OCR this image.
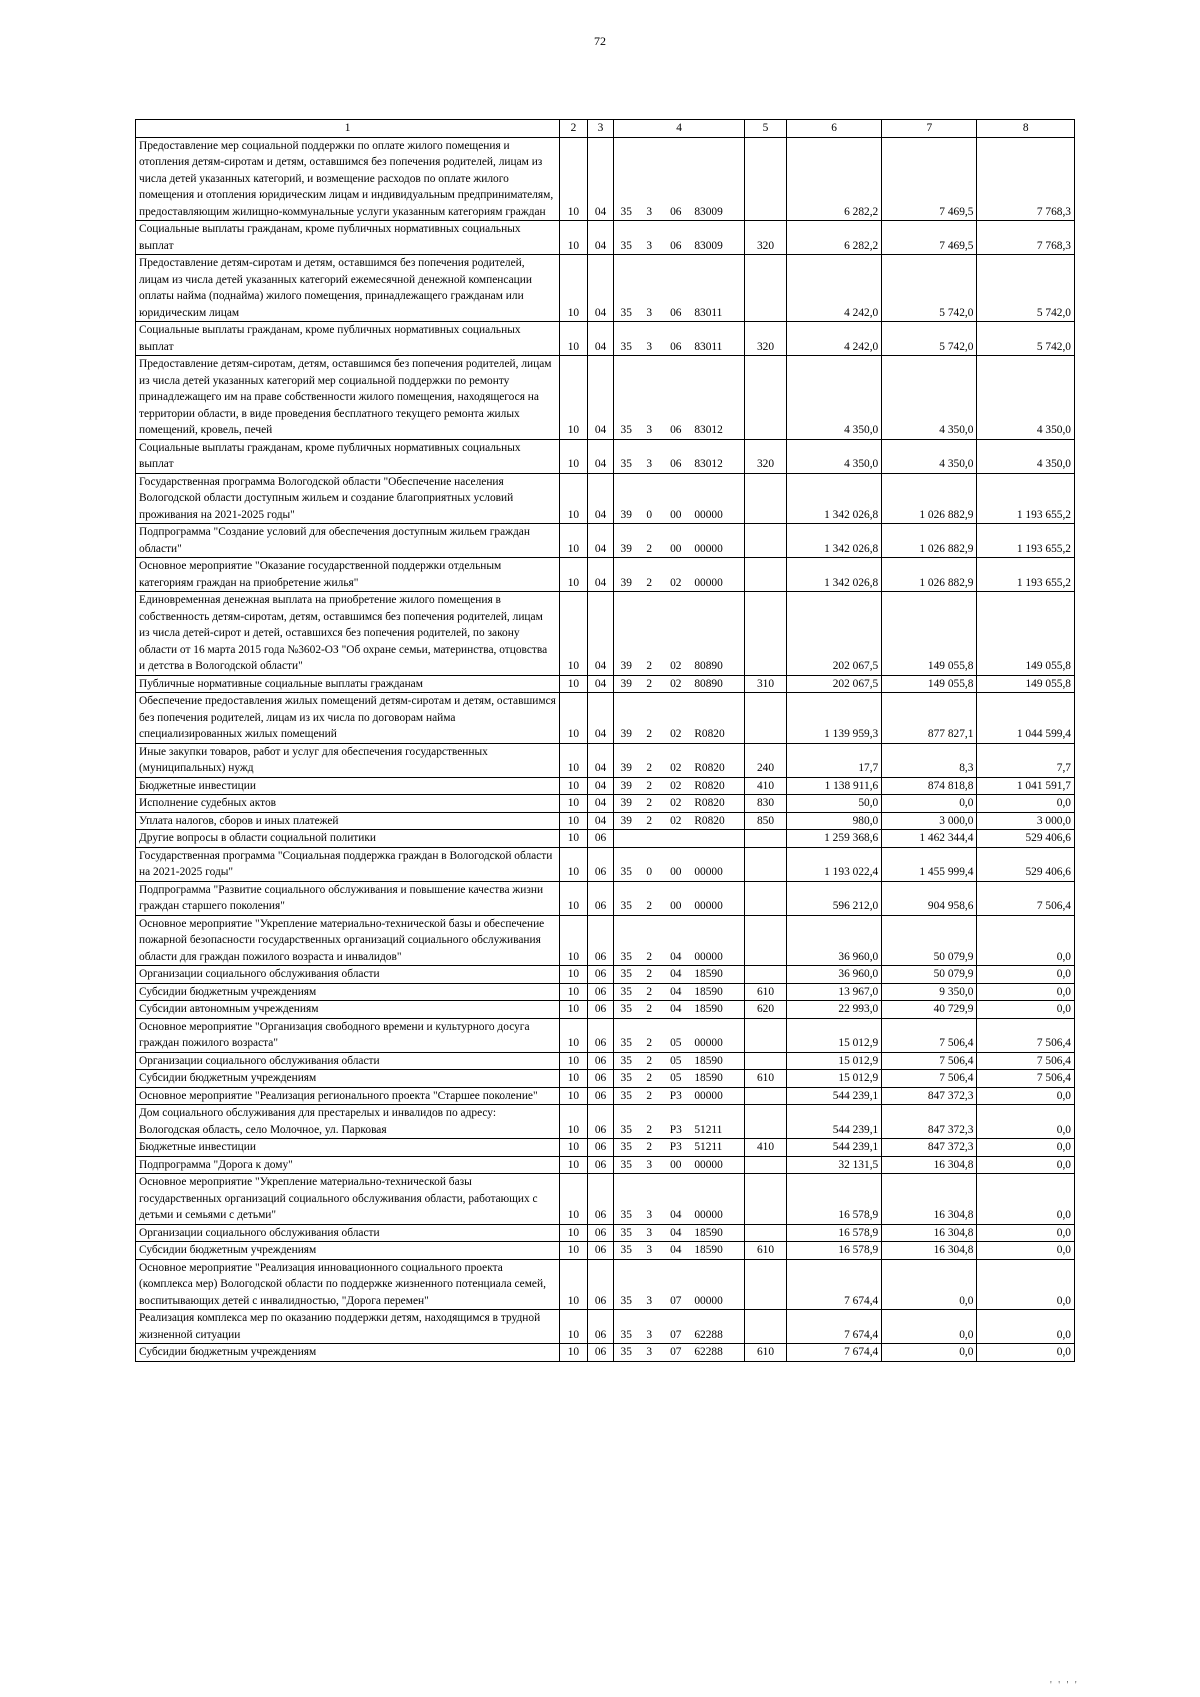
72
1	2	3	4				5	6	7	8
Предоставление мер социальной поддержки по оплате жилого помещения и отопления детям-сиротам и детям, оставшимся без попечения родителей, лицам из числа детей указанных категорий, и возмещение расходов по оплате жилого помещения и отопления юридическим лицам и индивидуальным предпринимателям, предоставляющим жилищно-коммунальные услуги указанным категориям граждан	10	04	35	3	06	83009		6 282,2	7 469,5	7 768,3
Социальные выплаты гражданам, кроме публичных нормативных социальных выплат	10	04	35	3	06	83009	320	6 282,2	7 469,5	7 768,3
Предоставление детям-сиротам и детям, оставшимся без попечения родителей, лицам из числа детей указанных категорий ежемесячной денежной компенсации оплаты найма (поднайма) жилого помещения, принадлежащего гражданам или юридическим лицам	10	04	35	3	06	83011		4 242,0	5 742,0	5 742,0
Социальные выплаты гражданам, кроме публичных нормативных социальных выплат	10	04	35	3	06	83011	320	4 242,0	5 742,0	5 742,0
Предоставление детям-сиротам, детям, оставшимся без попечения родителей, лицам из числа детей указанных категорий мер социальной поддержки по ремонту принадлежащего им на праве собственности жилого помещения, находящегося на территории области, в виде проведения бесплатного текущего ремонта жилых помещений, кровель, печей	10	04	35	3	06	83012		4 350,0	4 350,0	4 350,0
Социальные выплаты гражданам, кроме публичных нормативных социальных выплат	10	04	35	3	06	83012	320	4 350,0	4 350,0	4 350,0
Государственная программа Вологодской области "Обеспечение населения Вологодской области доступным жильем и создание благоприятных условий проживания на 2021-2025 годы"	10	04	39	0	00	00000		1 342 026,8	1 026 882,9	1 193 655,2
Подпрограмма "Создание условий для обеспечения доступным жильем граждан области"	10	04	39	2	00	00000		1 342 026,8	1 026 882,9	1 193 655,2
Основное мероприятие "Оказание государственной поддержки отдельным категориям граждан на приобретение жилья"	10	04	39	2	02	00000		1 342 026,8	1 026 882,9	1 193 655,2
Единовременная денежная выплата на приобретение жилого помещения в собственность детям-сиротам, детям, оставшимся без попечения родителей, лицам из числа детей-сирот и детей, оставшихся без попечения родителей, по закону области от 16 марта 2015 года №3602-ОЗ "Об охране семьи, материнства, отцовства и детства в Вологодской области"	10	04	39	2	02	80890		202 067,5	149 055,8	149 055,8
Публичные нормативные социальные выплаты гражданам	10	04	39	2	02	80890	310	202 067,5	149 055,8	149 055,8
Обеспечение предоставления жилых помещений детям-сиротам и детям, оставшимся без попечения родителей, лицам из их числа по договорам найма специализированных жилых помещений	10	04	39	2	02	R0820		1 139 959,3	877 827,1	1 044 599,4
Иные закупки товаров, работ и услуг для обеспечения государственных (муниципальных) нужд	10	04	39	2	02	R0820	240	17,7	8,3	7,7
Бюджетные инвестиции	10	04	39	2	02	R0820	410	1 138 911,6	874 818,8	1 041 591,7
Исполнение судебных актов	10	04	39	2	02	R0820	830	50,0	0,0	0,0
Уплата налогов, сборов и иных платежей	10	04	39	2	02	R0820	850	980,0	3 000,0	3 000,0
Другие вопросы в области социальной политики	10	06						1 259 368,6	1 462 344,4	529 406,6
Государственная программа "Социальная поддержка граждан в Вологодской области на 2021-2025 годы"	10	06	35	0	00	00000		1 193 022,4	1 455 999,4	529 406,6
Подпрограмма "Развитие социального обслуживания и повышение качества жизни граждан старшего поколения"	10	06	35	2	00	00000		596 212,0	904 958,6	7 506,4
Основное мероприятие "Укрепление материально-технической базы и обеспечение пожарной безопасности государственных организаций социального обслуживания области для граждан пожилого возраста и инвалидов"	10	06	35	2	04	00000		36 960,0	50 079,9	0,0
Организации социального обслуживания области	10	06	35	2	04	18590		36 960,0	50 079,9	0,0
Субсидии бюджетным учреждениям	10	06	35	2	04	18590	610	13 967,0	9 350,0	0,0
Субсидии автономным учреждениям	10	06	35	2	04	18590	620	22 993,0	40 729,9	0,0
Основное мероприятие "Организация свободного времени и культурного досуга граждан пожилого возраста"	10	06	35	2	05	00000		15 012,9	7 506,4	7 506,4
Организации социального обслуживания области	10	06	35	2	05	18590		15 012,9	7 506,4	7 506,4
Субсидии бюджетным учреждениям	10	06	35	2	05	18590	610	15 012,9	7 506,4	7 506,4
Основное мероприятие "Реализация регионального проекта "Старшее поколение"	10	06	35	2	P3	00000		544 239,1	847 372,3	0,0
Дом социального обслуживания для престарелых и инвалидов по адресу: Вологодская область, село Молочное, ул. Парковая	10	06	35	2	P3	51211		544 239,1	847 372,3	0,0
Бюджетные инвестиции	10	06	35	2	P3	51211	410	544 239,1	847 372,3	0,0
Подпрограмма "Дорога к дому"	10	06	35	3	00	00000		32 131,5	16 304,8	0,0
Основное мероприятие "Укрепление материально-технической базы государственных организаций социального обслуживания области, работающих с детьми и семьями с детьми"	10	06	35	3	04	00000		16 578,9	16 304,8	0,0
Организации социального обслуживания области	10	06	35	3	04	18590		16 578,9	16 304,8	0,0
Субсидии бюджетным учреждениям	10	06	35	3	04	18590	610	16 578,9	16 304,8	0,0
Основное мероприятие "Реализация инновационного социального проекта (комплекса мер) Вологодской области по поддержке жизненного потенциала семей, воспитывающих детей с инвалидностью, "Дорога перемен"	10	06	35	3	07	00000		7 674,4	0,0	0,0
Реализация комплекса мер по оказанию поддержки детям, находящимся в трудной жизненной ситуации	10	06	35	3	07	62288		7 674,4	0,0	0,0
Субсидии бюджетным учреждениям	10	06	35	3	07	62288	610	7 674,4	0,0	0,0
' ' ' '
